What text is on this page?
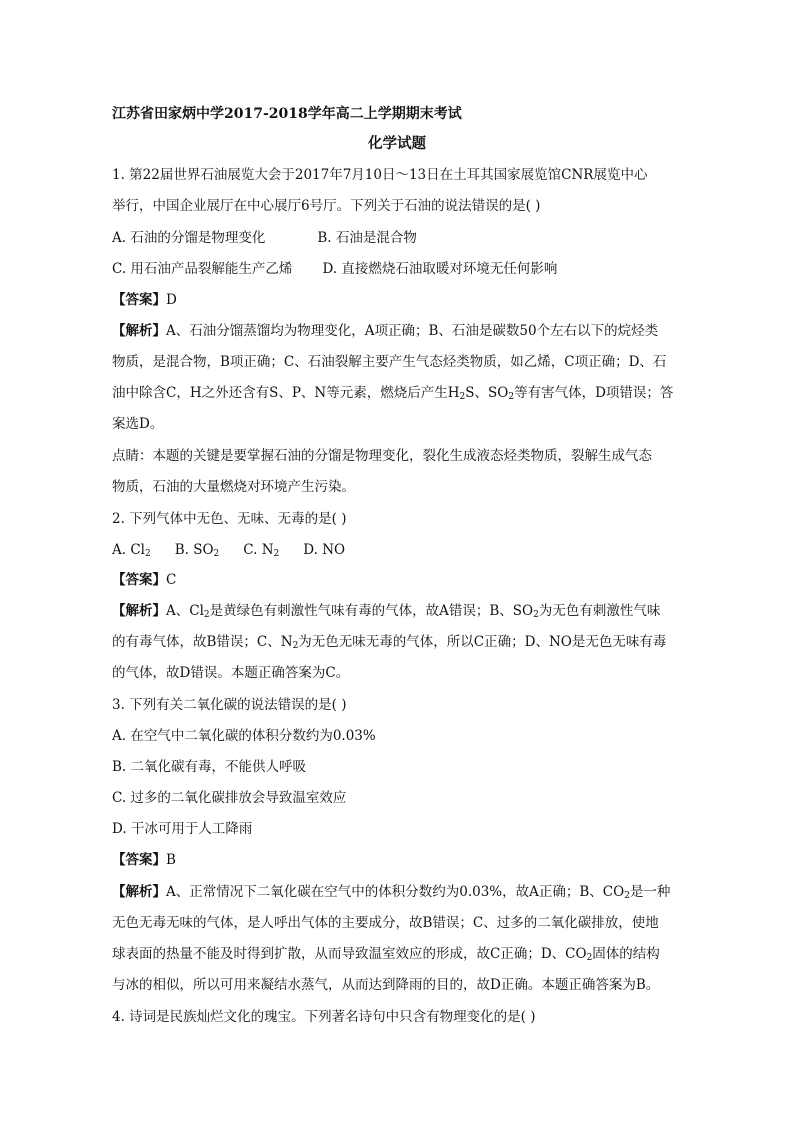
江苏省田家炳中学2017-2018学年高二上学期期末考试
化学试题
1. 第22届世界石油展览大会于2017年7月10日～13日在土耳其国家展览馆CNR展览中心
举行，中国企业展厅在中心展厅6号厅。下列关于石油的说法错误的是( )
A. 石油的分馏是物理变化	B. 石油是混合物
C. 用石油产品裂解能生产乙烯 D. 直接燃烧石油取暖对环境无任何影响
【答案】D
【解析】A、石油分馏蒸馏均为物理变化，A项正确；B、石油是碳数50个左右以下的烷烃类
物质，是混合物，B项正确；C、石油裂解主要产生气态烃类物质，如乙烯，C项正确；D、石
油中除含C，H之外还含有S、P、N等元素，燃烧后产生$H_2S$、$SO_2$等有害气体，D项错误；答
案选D。
点睛：本题的关键是要掌握石油的分馏是物理变化，裂化生成液态烃类物质，裂解生成气态
物质，石油的大量燃烧对环境产生污染。
2. 下列气体中无色、无味、无毒的是( )
A. $Cl_2$ B. $SO_2$ C. $N_2$ D. NO
【答案】C
【解析】A、$Cl_2$是黄绿色有刺激性气味有毒的气体，故A错误；B、$SO_2$为无色有刺激性气味
的有毒气体，故B错误；C、$N_2$为无色无味无毒的气体，所以C正确；D、NO是无色无味有毒
的气体，故D错误。本题正确答案为C。
3. 下列有关二氧化碳的说法错误的是( )
A. 在空气中二氧化碳的体积分数约为0.03%
B. 二氧化碳有毒，不能供人呼吸
C. 过多的二氧化碳排放会导致温室效应
D. 干冰可用于人工降雨
【答案】B
【解析】A、正常情况下二氧化碳在空气中的体积分数约为0.03%，故A正确；B、$CO_2$是一种
无色无毒无味的气体，是人呼出气体的主要成分，故B错误；C、过多的二氧化碳排放，使地
球表面的热量不能及时得到扩散，从而导致温室效应的形成，故C正确；D、$CO_2$固体的结构
与冰的相似，所以可用来凝结水蒸气，从而达到降雨的目的，故D正确。本题正确答案为B。
4. 诗词是民族灿烂文化的瑰宝。下列著名诗句中只含有物理变化的是( )
